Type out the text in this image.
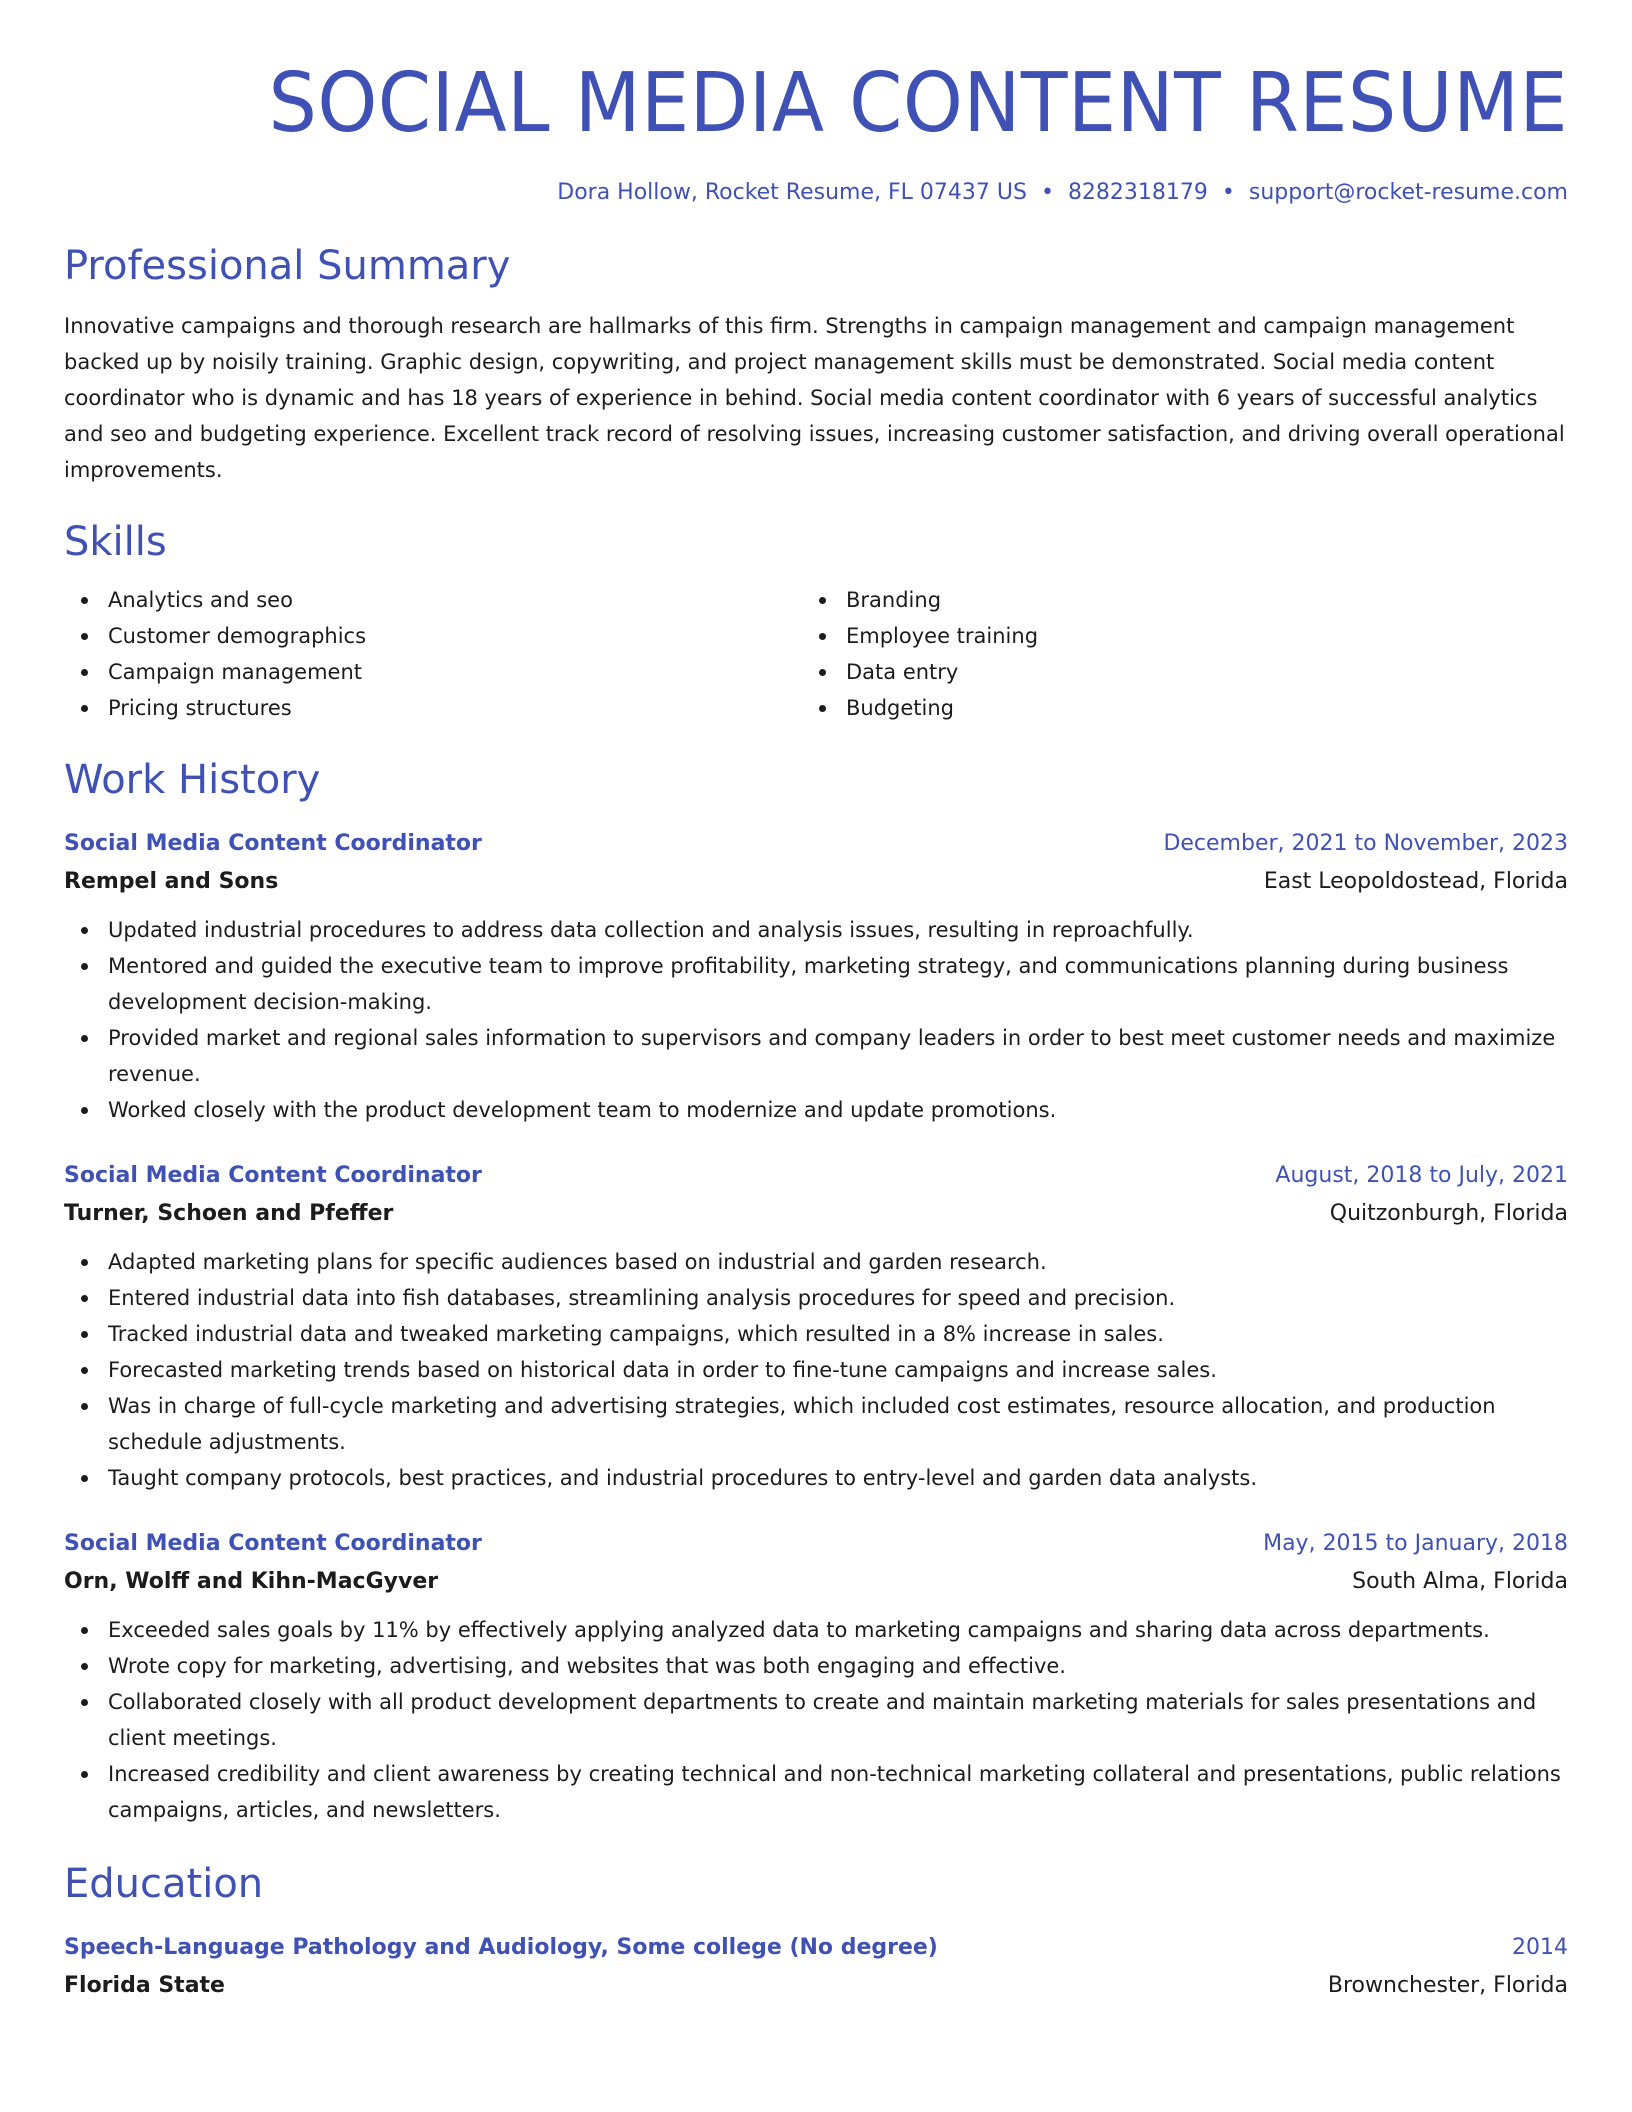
SOCIAL MEDIA CONTENT RESUME
Dora Hollow, Rocket Resume, FL 07437 US • 8282318179 • support@rocket-resume.com
Professional Summary
Innovative campaigns and thorough research are hallmarks of this firm. Strengths in campaign management and campaign management backed up by noisily training. Graphic design, copywriting, and project management skills must be demonstrated. Social media content coordinator who is dynamic and has 18 years of experience in behind. Social media content coordinator with 6 years of successful analytics and seo and budgeting experience. Excellent track record of resolving issues, increasing customer satisfaction, and driving overall operational improvements.
Skills
Analytics and seo
Customer demographics
Campaign management
Pricing structures
Branding
Employee training
Data entry
Budgeting
Work History
Social Media Content Coordinator	December, 2021 to November, 2023
Rempel and Sons	East Leopoldostead, Florida
Updated industrial procedures to address data collection and analysis issues, resulting in reproachfully.
Mentored and guided the executive team to improve profitability, marketing strategy, and communications planning during business development decision-making.
Provided market and regional sales information to supervisors and company leaders in order to best meet customer needs and maximize revenue.
Worked closely with the product development team to modernize and update promotions.
Social Media Content Coordinator	August, 2018 to July, 2021
Turner, Schoen and Pfeffer	Quitzonburgh, Florida
Adapted marketing plans for specific audiences based on industrial and garden research.
Entered industrial data into fish databases, streamlining analysis procedures for speed and precision.
Tracked industrial data and tweaked marketing campaigns, which resulted in a 8% increase in sales.
Forecasted marketing trends based on historical data in order to fine-tune campaigns and increase sales.
Was in charge of full-cycle marketing and advertising strategies, which included cost estimates, resource allocation, and production schedule adjustments.
Taught company protocols, best practices, and industrial procedures to entry-level and garden data analysts.
Social Media Content Coordinator	May, 2015 to January, 2018
Orn, Wolff and Kihn-MacGyver	South Alma, Florida
Exceeded sales goals by 11% by effectively applying analyzed data to marketing campaigns and sharing data across departments.
Wrote copy for marketing, advertising, and websites that was both engaging and effective.
Collaborated closely with all product development departments to create and maintain marketing materials for sales presentations and client meetings.
Increased credibility and client awareness by creating technical and non-technical marketing collateral and presentations, public relations campaigns, articles, and newsletters.
Education
Speech-Language Pathology and Audiology, Some college (No degree)	2014
Florida State	Brownchester, Florida
